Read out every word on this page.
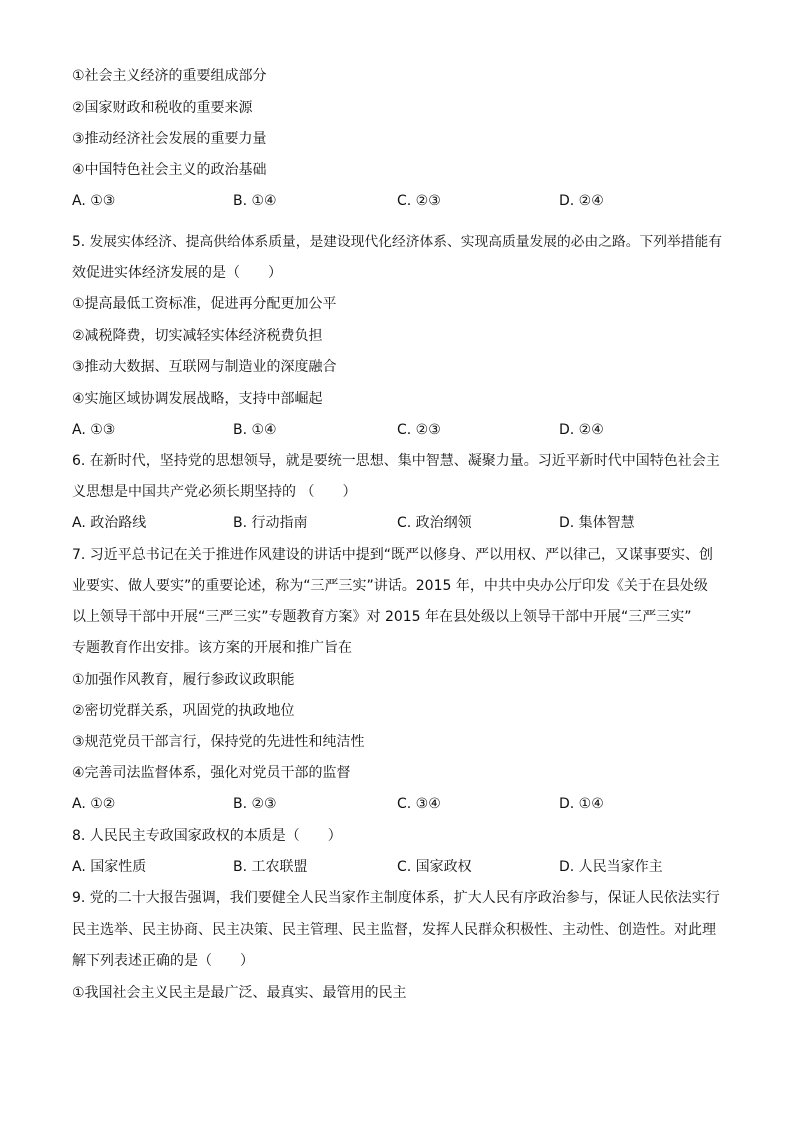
①社会主义经济的重要组成部分
②国家财政和税收的重要来源
③推动经济社会发展的重要力量
④中国特色社会主义的政治基础
A. ①③	B. ①④	C. ②③	D. ②④
5. 发展实体经济、提高供给体系质量，是建设现代化经济体系、实现高质量发展的必由之路。下列举措能有
效促进实体经济发展的是（　　）
①提高最低工资标准，促进再分配更加公平
②减税降费，切实减轻实体经济税费负担
③推动大数据、互联网与制造业的深度融合
④实施区域协调发展战略，支持中部崛起
A. ①③	B. ①④	C. ②③	D. ②④
6. 在新时代，坚持党的思想领导，就是要统一思想、集中智慧、凝聚力量。习近平新时代中国特色社会主
义思想是中国共产党必须长期坚持的 （　　）
A. 政治路线	B. 行动指南	C. 政治纲领	D. 集体智慧
7. 习近平总书记在关于推进作风建设的讲话中提到“既严以修身、严以用权、严以律己，又谋事要实、创
业要实、做人要实”的重要论述，称为“三严三实”讲话。2015 年，中共中央办公厅印发《关于在县处级
以上领导干部中开展“三严三实”专题教育方案》对 2015 年在县处级以上领导干部中开展“三严三实”
专题教育作出安排。该方案的开展和推广旨在
①加强作风教育，履行参政议政职能
②密切党群关系，巩固党的执政地位
③规范党员干部言行，保持党的先进性和纯洁性
④完善司法监督体系，强化对党员干部的监督
A. ①②	B. ②③	C. ③④	D. ①④
8. 人民民主专政国家政权的本质是（　　）
A. 国家性质	B. 工农联盟	C. 国家政权	D. 人民当家作主
9. 党的二十大报告强调，我们要健全人民当家作主制度体系，扩大人民有序政治参与，保证人民依法实行
民主选举、民主协商、民主决策、民主管理、民主监督，发挥人民群众积极性、主动性、创造性。对此理
解下列表述正确的是（　　）
①我国社会主义民主是最广泛、最真实、最管用的民主
